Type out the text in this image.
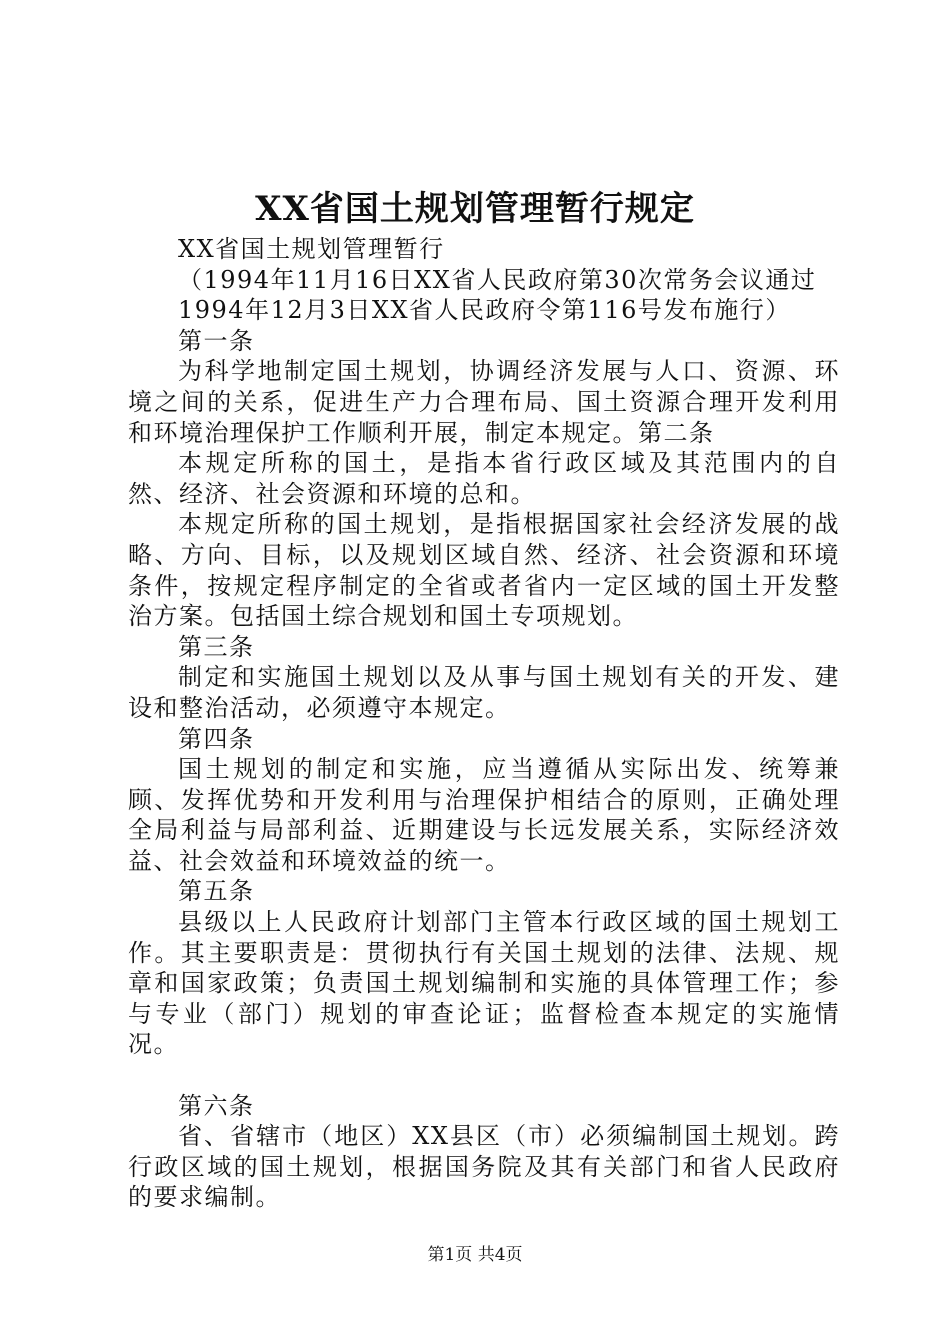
XX省国土规划管理暂行规定

XX省国土规划管理暂行

（1994年11月16日XX省人民政府第30次常务会议通过

1994年12月3日XX省人民政府令第116号发布施行）

第一条

为科学地制定国土规划，协调经济发展与人口、资源、环境之间的关系，促进生产力合理布局、国土资源合理开发利用和环境治理保护工作顺利开展，制定本规定。第二条

本规定所称的国土，是指本省行政区域及其范围内的自然、经济、社会资源和环境的总和。

本规定所称的国土规划，是指根据国家社会经济发展的战略、方向、目标，以及规划区域自然、经济、社会资源和环境条件，按规定程序制定的全省或者省内一定区域的国土开发整治方案。包括国土综合规划和国土专项规划。

第三条

制定和实施国土规划以及从事与国土规划有关的开发、建设和整治活动，必须遵守本规定。

第四条

国土规划的制定和实施，应当遵循从实际出发、统筹兼顾、发挥优势和开发利用与治理保护相结合的原则，正确处理全局利益与局部利益、近期建设与长远发展关系，实际经济效益、社会效益和环境效益的统一。

第五条

县级以上人民政府计划部门主管本行政区域的国土规划工作。其主要职责是：贯彻执行有关国土规划的法律、法规、规章和国家政策；负责国土规划编制和实施的具体管理工作；参与专业（部门）规划的审查论证；监督检查本规定的实施情况。

第六条

省、省辖市（地区）XX县区（市）必须编制国土规划。跨行政区域的国土规划，根据国务院及其有关部门和省人民政府的要求编制。

第1页 共4页
